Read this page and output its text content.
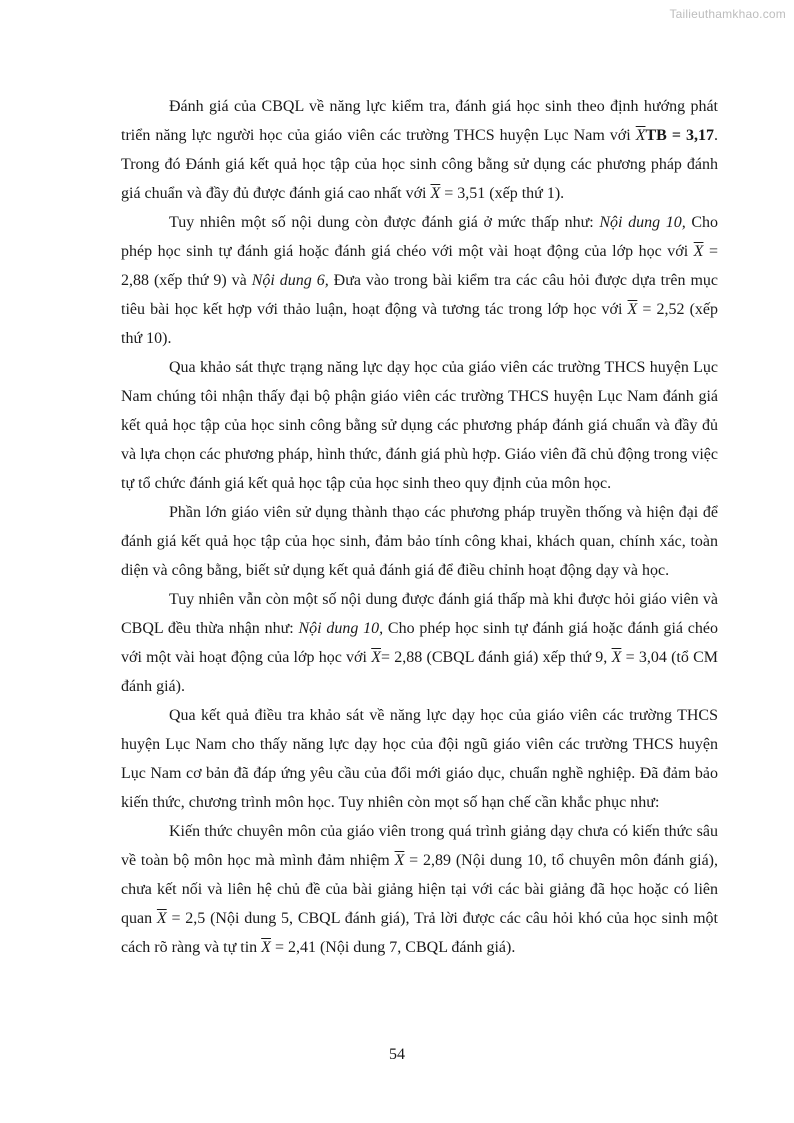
Tailieuthamkhao.com

Đánh giá của CBQL về năng lực kiểm tra, đánh giá học sinh theo định hướng phát triển năng lực người học của giáo viên các trường THCS huyện Lục Nam với $\overline{X}TB = 3,17$. Trong đó Đánh giá kết quả học tập của học sinh công bằng sử dụng các phương pháp đánh giá chuẩn và đầy đủ được đánh giá cao nhất với $\overline{X} = 3,51$ (xếp thứ 1).

Tuy nhiên một số nội dung còn được đánh giá ở mức thấp như: Nội dung 10, Cho phép học sinh tự đánh giá hoặc đánh giá chéo với một vài hoạt động của lớp học với $\overline{X} = 2,88$ (xếp thứ 9) và Nội dung 6, Đưa vào trong bài kiểm tra các câu hỏi được dựa trên mục tiêu bài học kết hợp với thảo luận, hoạt động và tương tác trong lớp học với $\overline{X} = 2,52$ (xếp thứ 10).

Qua khảo sát thực trạng năng lực dạy học của giáo viên các trường THCS huyện Lục Nam chúng tôi nhận thấy đại bộ phận giáo viên các trường THCS huyện Lục Nam đánh giá kết quả học tập của học sinh công bằng sử dụng các phương pháp đánh giá chuẩn và đầy đủ và lựa chọn các phương pháp, hình thức, đánh giá phù hợp. Giáo viên đã chủ động trong việc tự tổ chức đánh giá kết quả học tập của học sinh theo quy định của môn học.

Phần lớn giáo viên sử dụng thành thạo các phương pháp truyền thống và hiện đại để đánh giá kết quả học tập của học sinh, đảm bảo tính công khai, khách quan, chính xác, toàn diện và công bằng, biết sử dụng kết quả đánh giá để điều chỉnh hoạt động dạy và học.

Tuy nhiên vẫn còn một số nội dung được đánh giá thấp mà khi được hỏi giáo viên và CBQL đều thừa nhận như: Nội dung 10, Cho phép học sinh tự đánh giá hoặc đánh giá chéo với một vài hoạt động của lớp học với $\overline{X}= 2,88$ (CBQL đánh giá) xếp thứ 9, $\overline{X} = 3,04$ (tổ CM đánh giá).

Qua kết quả điều tra khảo sát về năng lực dạy học của giáo viên các trường THCS huyện Lục Nam cho thấy năng lực dạy học của đội ngũ giáo viên các trường THCS huyện Lục Nam cơ bản đã đáp ứng yêu cầu của đổi mới giáo dục, chuẩn nghề nghiệp. Đã đảm bảo kiến thức, chương trình môn học. Tuy nhiên còn mọt số hạn chế cần khắc phục như:

Kiến thức chuyên môn của giáo viên trong quá trình giảng dạy chưa có kiến thức sâu về toàn bộ môn học mà mình đảm nhiệm $\overline{X} = 2,89$ (Nội dung 10, tổ chuyên môn đánh giá), chưa kết nối và liên hệ chủ đề của bài giảng hiện tại với các bài giảng đã học hoặc có liên quan $\overline{X} = 2,5$ (Nội dung 5, CBQL đánh giá), Trả lời được các câu hỏi khó của học sinh một cách rõ ràng và tự tin $\overline{X} = 2,41$ (Nội dung 7, CBQL đánh giá).

54
